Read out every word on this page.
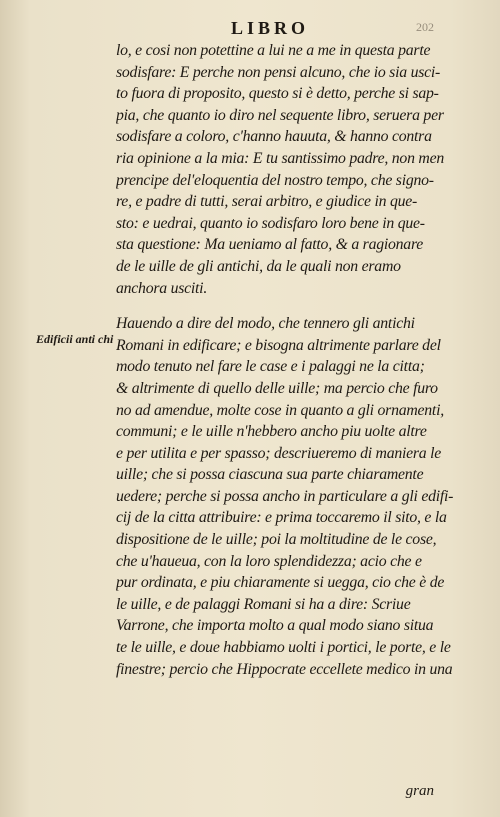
LIBRO	202
Edificii anti chi
lo, e cosi non potettine a lui ne a me in questa parte
sodisfare: E perche non pensi alcuno, che io sia usci-
to fuora di proposito, questo si è detto, perche si sap-
pia, che quanto io diro nel sequente libro, seruera per
sodisfare a coloro, c'hanno hauuta, & hanno contra
ria opinione a la mia: E tu santissimo padre, non men
prencipe del'eloquentia del nostro tempo, che signo-
re, e padre di tutti, serai arbitro, e giudice in que-
sto: e uedrai, quanto io sodisfaro loro bene in que-
sta questione: Ma ueniamo al fatto, & a ragionare
de le uille de gli antichi, da le quali non eramo
anchora usciti.
Hauendo a dire del modo, che tennero gli antichi
Romani in edificare; e bisogna altrimente parlare del
modo tenuto nel fare le case e i palaggi ne la citta;
& altrimente di quello delle uille; ma percio che furo
no ad amendue, molte cose in quanto a gli ornamenti,
communi; e le uille n'hebbero ancho piu uolte altre
e per utilita e per spasso; descriueremo di maniera le
uille; che si possa ciascuna sua parte chiaramente
uedere; perche si possa ancho in particulare a gli edifi-
cij de la citta attribuire: e prima toccaremo il sito, e la
dispositione de le uille; poi la moltitudine de le cose,
che u'haueua, con la loro splendidezza; acio che e
pur ordinata, e piu chiaramente si uegga, cio che è de
le uille, e de palaggi Romani si ha a dire: Scriue
Varrone, che importa molto a qual modo siano situa
te le uille, e doue habbiamo uolti i portici, le porte, e le
finestre; percio che Hippocrate eccellete medico in una
gran
